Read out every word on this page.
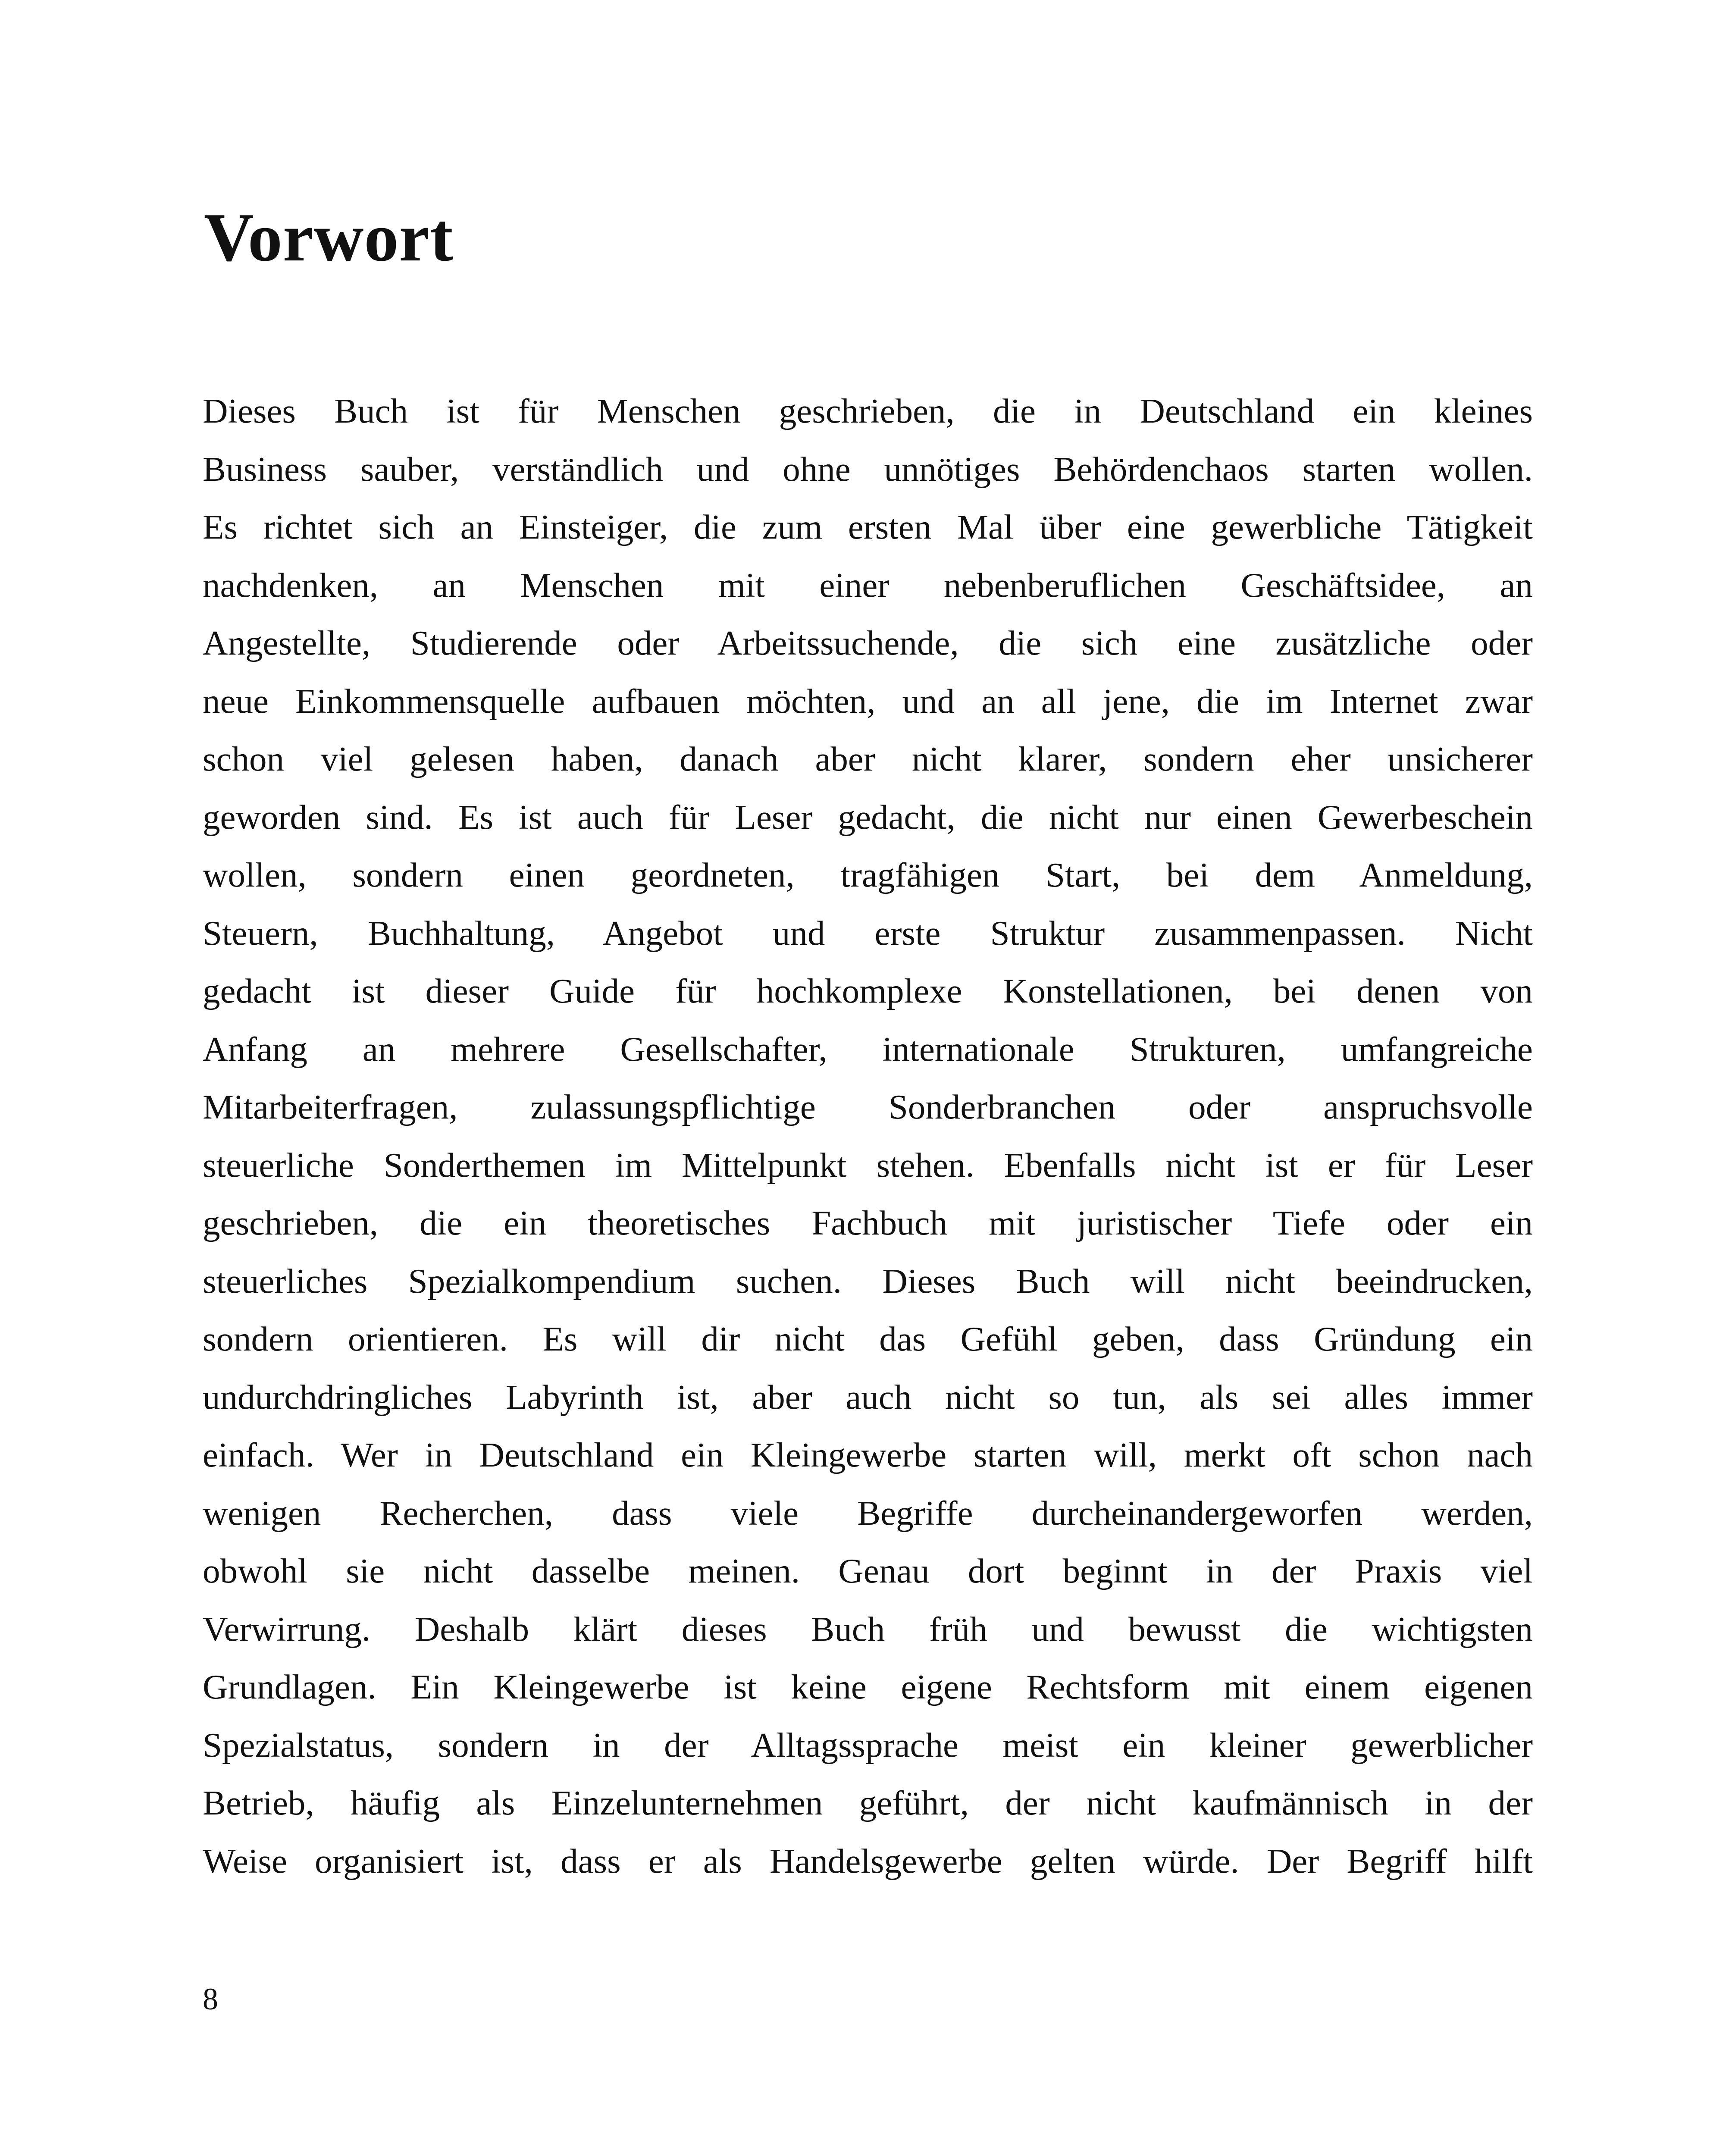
Vorwort
Dieses Buch ist für Menschen geschrieben, die in Deutschland ein kleines
Business sauber, verständlich und ohne unnötiges Behördenchaos starten wollen.
Es richtet sich an Einsteiger, die zum ersten Mal über eine gewerbliche Tätigkeit
nachdenken, an Menschen mit einer nebenberuflichen Geschäftsidee, an
Angestellte, Studierende oder Arbeitssuchende, die sich eine zusätzliche oder
neue Einkommensquelle aufbauen möchten, und an all jene, die im Internet zwar
schon viel gelesen haben, danach aber nicht klarer, sondern eher unsicherer
geworden sind. Es ist auch für Leser gedacht, die nicht nur einen Gewerbeschein
wollen, sondern einen geordneten, tragfähigen Start, bei dem Anmeldung,
Steuern, Buchhaltung, Angebot und erste Struktur zusammenpassen. Nicht
gedacht ist dieser Guide für hochkomplexe Konstellationen, bei denen von
Anfang an mehrere Gesellschafter, internationale Strukturen, umfangreiche
Mitarbeiterfragen, zulassungspflichtige Sonderbranchen oder anspruchsvolle
steuerliche Sonderthemen im Mittelpunkt stehen. Ebenfalls nicht ist er für Leser
geschrieben, die ein theoretisches Fachbuch mit juristischer Tiefe oder ein
steuerliches Spezialkompendium suchen. Dieses Buch will nicht beeindrucken,
sondern orientieren. Es will dir nicht das Gefühl geben, dass Gründung ein
undurchdringliches Labyrinth ist, aber auch nicht so tun, als sei alles immer
einfach. Wer in Deutschland ein Kleingewerbe starten will, merkt oft schon nach
wenigen Recherchen, dass viele Begriffe durcheinandergeworfen werden,
obwohl sie nicht dasselbe meinen. Genau dort beginnt in der Praxis viel
Verwirrung. Deshalb klärt dieses Buch früh und bewusst die wichtigsten
Grundlagen. Ein Kleingewerbe ist keine eigene Rechtsform mit einem eigenen
Spezialstatus, sondern in der Alltagssprache meist ein kleiner gewerblicher
Betrieb, häufig als Einzelunternehmen geführt, der nicht kaufmännisch in der
Weise organisiert ist, dass er als Handelsgewerbe gelten würde. Der Begriff hilft
8
